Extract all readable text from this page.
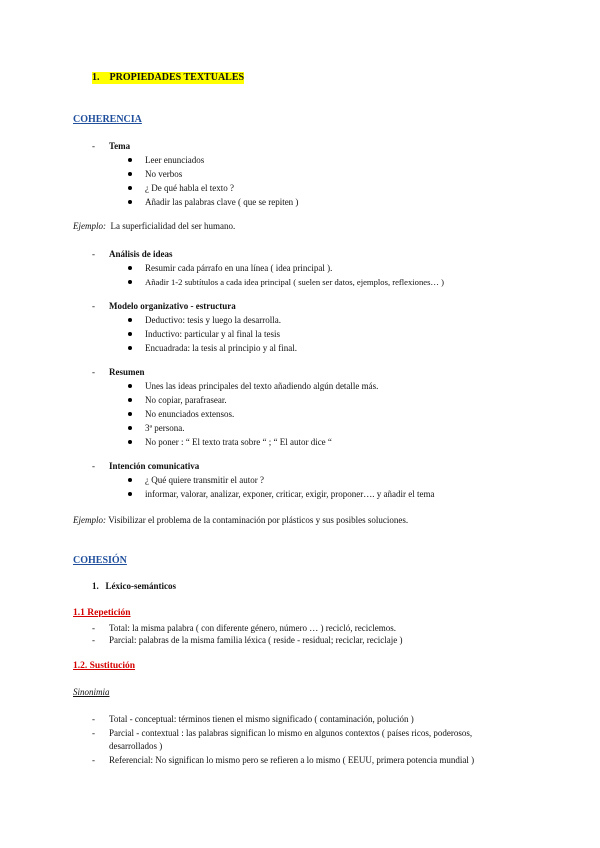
1. PROPIEDADES TEXTUALES
COHERENCIA
- Tema
Leer enunciados
No verbos
¿ De qué habla el texto ?
Añadir las palabras clave ( que se repiten )
Ejemplo: La superficialidad del ser humano.
- Análisis de ideas
Resumir cada párrafo en una línea ( idea principal ).
Añadir 1-2 subtítulos a cada idea principal ( suelen ser datos, ejemplos, reflexiones… )
- Modelo organizativo - estructura
Deductivo: tesis y luego la desarrolla.
Inductivo: particular y al final la tesis
Encuadrada: la tesis al principio y al final.
- Resumen
Unes las ideas principales del texto añadiendo algún detalle más.
No copiar, parafrasear.
No enunciados extensos.
3ª persona.
No poner : “ El texto trata sobre “ ; “ El autor dice “
- Intención comunicativa
¿ Qué quiere transmitir el autor ?
informar, valorar, analizar, exponer, criticar, exigir, proponer…. y añadir el tema
Ejemplo: Visibilizar el problema de la contaminación por plásticos y sus posibles soluciones.
COHESIÓN
1. Léxico-semánticos
1.1 Repetición
- Total: la misma palabra ( con diferente género, número … ) recicló, reciclemos.
- Parcial: palabras de la misma familia léxica ( reside - residual; reciclar, reciclaje )
1.2. Sustitución
Sinonimia
- Total - conceptual: términos tienen el mismo significado ( contaminación, polución )
- Parcial - contextual : las palabras significan lo mismo en algunos contextos ( países ricos, poderosos,
desarrollados )
- Referencial: No significan lo mismo pero se refieren a lo mismo ( EEUU, primera potencia mundial )
